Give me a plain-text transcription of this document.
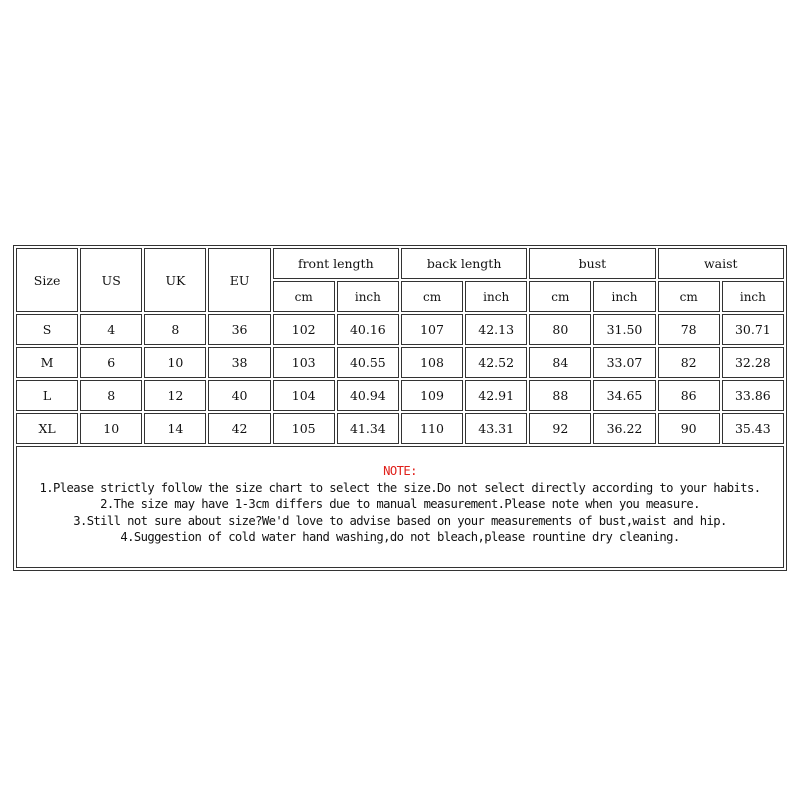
Size	US	UK	EU	front length		back length		bust		waist	
				cm	inch	cm	inch	cm	inch	cm	inch
S	4	8	36	102	40.16	107	42.13	80	31.50	78	30.71
M	6	10	38	103	40.55	108	42.52	84	33.07	82	32.28
L	8	12	40	104	40.94	109	42.91	88	34.65	86	33.86
XL	10	14	42	105	41.34	110	43.31	92	36.22	90	35.43

NOTE:
1.Please strictly follow the size chart to select the size.Do not select directly according to your habits.
2.The size may have 1-3cm differs due to manual measurement.Please note when you measure.
3.Still not sure about size?We'd love to advise based on your measurements of bust,waist and hip.
4.Suggestion of cold water hand washing,do not bleach,please rountine dry cleaning.											
